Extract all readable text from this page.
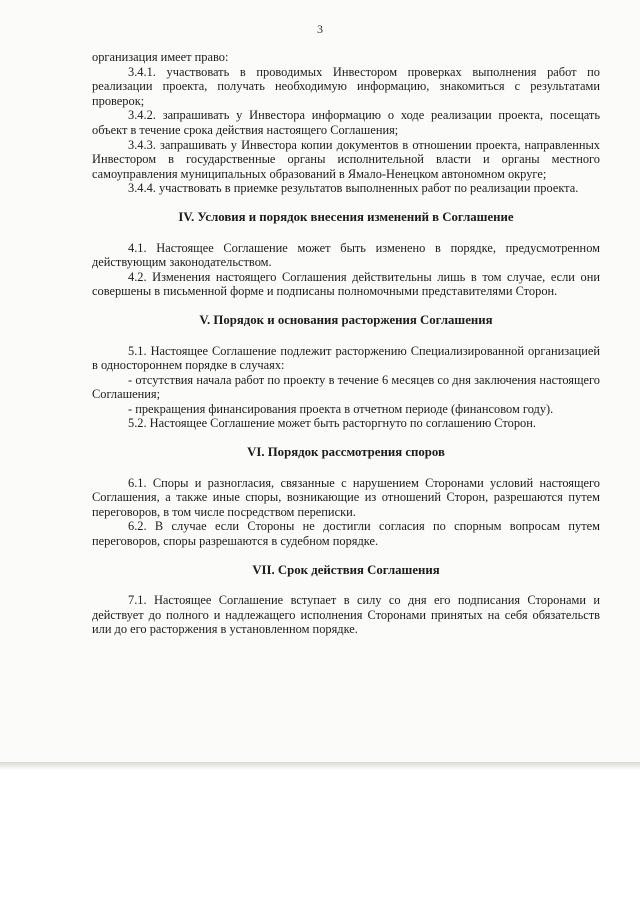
3

организация имеет право:

3.4.1. участвовать в проводимых Инвестором проверках выполнения работ по реализации проекта, получать необходимую информацию, знакомиться с результатами проверок;

3.4.2. запрашивать у Инвестора информацию о ходе реализации проекта, посещать объект в течение срока действия настоящего Соглашения;

3.4.3. запрашивать у Инвестора копии документов в отношении проекта, направленных Инвестором в государственные органы исполнительной власти и органы местного самоуправления муниципальных образований в Ямало-Ненецком автономном округе;

3.4.4. участвовать в приемке результатов выполненных работ по реализации проекта.

IV. Условия и порядок внесения изменений в Соглашение

4.1. Настоящее Соглашение может быть изменено в порядке, предусмотренном действующим законодательством.

4.2. Изменения настоящего Соглашения действительны лишь в том случае, если они совершены в письменной форме и подписаны полномочными представителями Сторон.

V. Порядок и основания расторжения Соглашения

5.1. Настоящее Соглашение подлежит расторжению Специализированной организацией в одностороннем порядке в случаях:

- отсутствия начала работ по проекту в течение 6 месяцев со дня заключения настоящего Соглашения;

- прекращения финансирования проекта в отчетном периоде (финансовом году).

5.2. Настоящее Соглашение может быть расторгнуто по соглашению Сторон.

VI. Порядок рассмотрения споров

6.1. Споры и разногласия, связанные с нарушением Сторонами условий настоящего Соглашения, а также иные споры, возникающие из отношений Сторон, разрешаются путем переговоров, в том числе посредством переписки.

6.2. В случае если Стороны не достигли согласия по спорным вопросам путем переговоров, споры разрешаются в судебном порядке.

VII. Срок действия Соглашения

7.1. Настоящее Соглашение вступает в силу со дня его подписания Сторонами и действует до полного и надлежащего исполнения Сторонами принятых на себя обязательств или до его расторжения в установленном порядке.
